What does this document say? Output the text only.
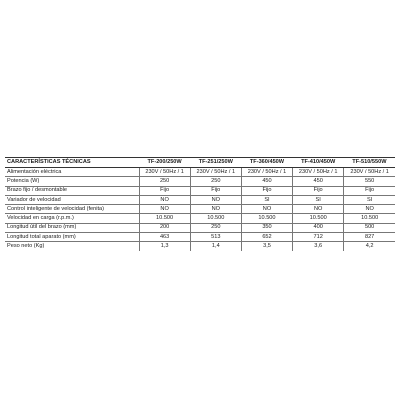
CARACTERÍSTICAS TÉCNICAS	TF-200/250W	TF-251/250W	TF-360/450W	TF-410/450W	TF-510/550W
Alimentación eléctrica	230V / 50Hz / 1	230V / 50Hz / 1	230V / 50Hz / 1	230V / 50Hz / 1	230V / 50Hz / 1
Potencia (W)	250	250	450	450	550
Brazo fijo / desmontable	Fijo	Fijo	Fijo	Fijo	Fijo
Variador de velocidad	NO	NO	SI	SI	SI
Control inteligente de velocidad (fenita)	NO	NO	NO	NO	NO
Velocidad en carga (r.p.m.)	10.500	10.500	10.500	10.500	10.500
Longitud útil del brazo (mm)	200	250	350	400	500
Longitud total aparato (mm)	463	513	652	712	827
Peso neto (Kg)	1,3	1,4	3,5	3,6	4,2
